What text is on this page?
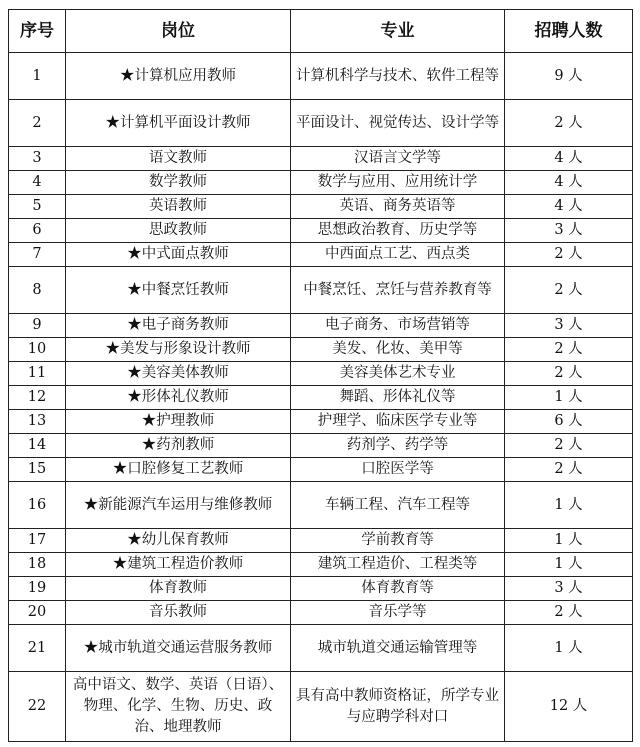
序号	岗位	专业	招聘人数
1	★计算机应用教师	计算机科学与技术、软件工程等	9 人
2	★计算机平面设计教师	平面设计、视觉传达、设计学等	2 人
3	语文教师	汉语言文学等	4 人
4	数学教师	数学与应用、应用统计学	4 人
5	英语教师	英语、商务英语等	4 人
6	思政教师	思想政治教育、历史学等	3 人
7	★中式面点教师	中西面点工艺、西点类	2 人
8	★中餐烹饪教师	中餐烹饪、烹饪与营养教育等	2 人
9	★电子商务教师	电子商务、市场营销等	3 人
10	★美发与形象设计教师	美发、化妆、美甲等	2 人
11	★美容美体教师	美容美体艺术专业	2 人
12	★形体礼仪教师	舞蹈、形体礼仪等	1 人
13	★护理教师	护理学、临床医学专业等	6 人
14	★药剂教师	药剂学、药学等	2 人
15	★口腔修复工艺教师	口腔医学等	2 人
16	★新能源汽车运用与维修教师	车辆工程、汽车工程等	1 人
17	★幼儿保育教师	学前教育等	1 人
18	★建筑工程造价教师	建筑工程造价、工程类等	1 人
19	体育教师	体育教育等	3 人
20	音乐教师	音乐学等	2 人
21	★城市轨道交通运营服务教师	城市轨道交通运输管理等	1 人
22	高中语文、数学、英语（日语）、物理、化学、生物、历史、政治、地理教师	具有高中教师资格证，所学专业与应聘学科对口	12 人
